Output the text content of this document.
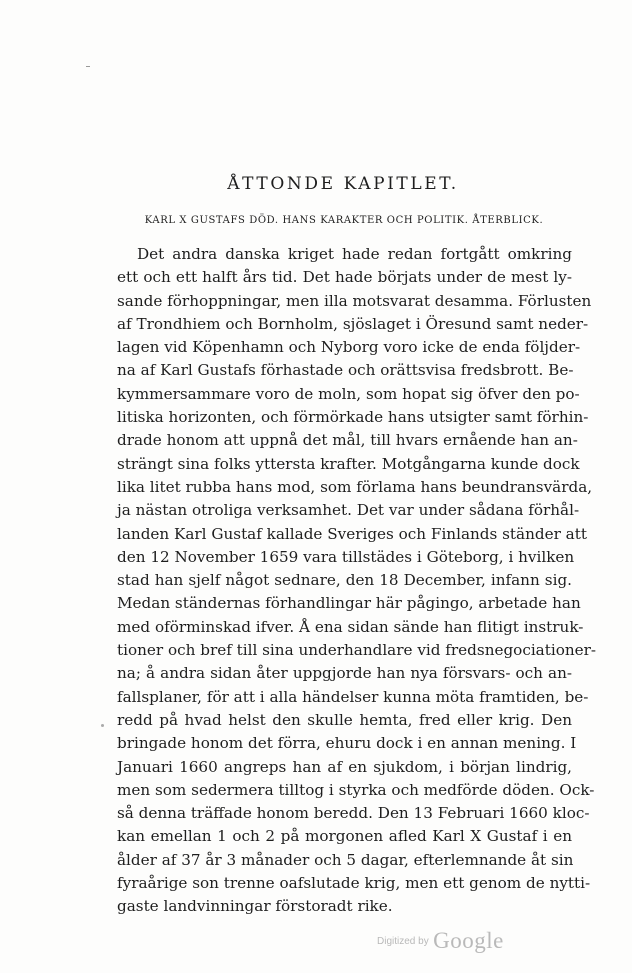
ÅTTONDE KAPITLET.

KARL X GUSTAFS DÖD. HANS KARAKTER OCH POLITIK. ÅTERBLICK.

Det andra danska kriget hade redan fortgått omkring
ett och ett halft års tid. Det hade börjats under de mest ly-
sande förhoppningar, men illa motsvarat desamma. Förlusten
af Trondhiem och Bornholm, sjöslaget i Öresund samt neder-
lagen vid Köpenhamn och Nyborg voro icke de enda följder-
na af Karl Gustafs förhastade och orättsvisa fredsbrott. Be-
kymmersammare voro de moln, som hopat sig öfver den po-
litiska horizonten, och förmörkade hans utsigter samt förhin-
drade honom att uppnå det mål, till hvars ernående han an-
strängt sina folks yttersta krafter. Motgångarna kunde dock
lika litet rubba hans mod, som förlama hans beundransvärda,
ja nästan otroliga verksamhet. Det var under sådana förhål-
landen Karl Gustaf kallade Sveriges och Finlands ständer att
den 12 November 1659 vara tillstädes i Göteborg, i hvilken
stad han sjelf något sednare, den 18 December, infann sig.
Medan ständernas förhandlingar här pågingo, arbetade han
med oförminskad ifver. Å ena sidan sände han flitigt instruk-
tioner och bref till sina underhandlare vid fredsnegociationer-
na; å andra sidan åter uppgjorde han nya försvars- och an-
fallsplaner, för att i alla händelser kunna möta framtiden, be-
redd på hvad helst den skulle hemta, fred eller krig. Den
bringade honom det förra, ehuru dock i en annan mening. I
Januari 1660 angreps han af en sjukdom, i början lindrig,
men som sedermera tilltog i styrka och medförde döden. Ock-
så denna träffade honom beredd. Den 13 Februari 1660 kloc-
kan emellan 1 och 2 på morgonen afled Karl X Gustaf i en
ålder af 37 år 3 månader och 5 dagar, efterlemnande åt sin
fyraårige son trenne oafslutade krig, men ett genom de nytti-
gaste landvinningar förstoradt rike.
$^{Digitized by}$ Google
